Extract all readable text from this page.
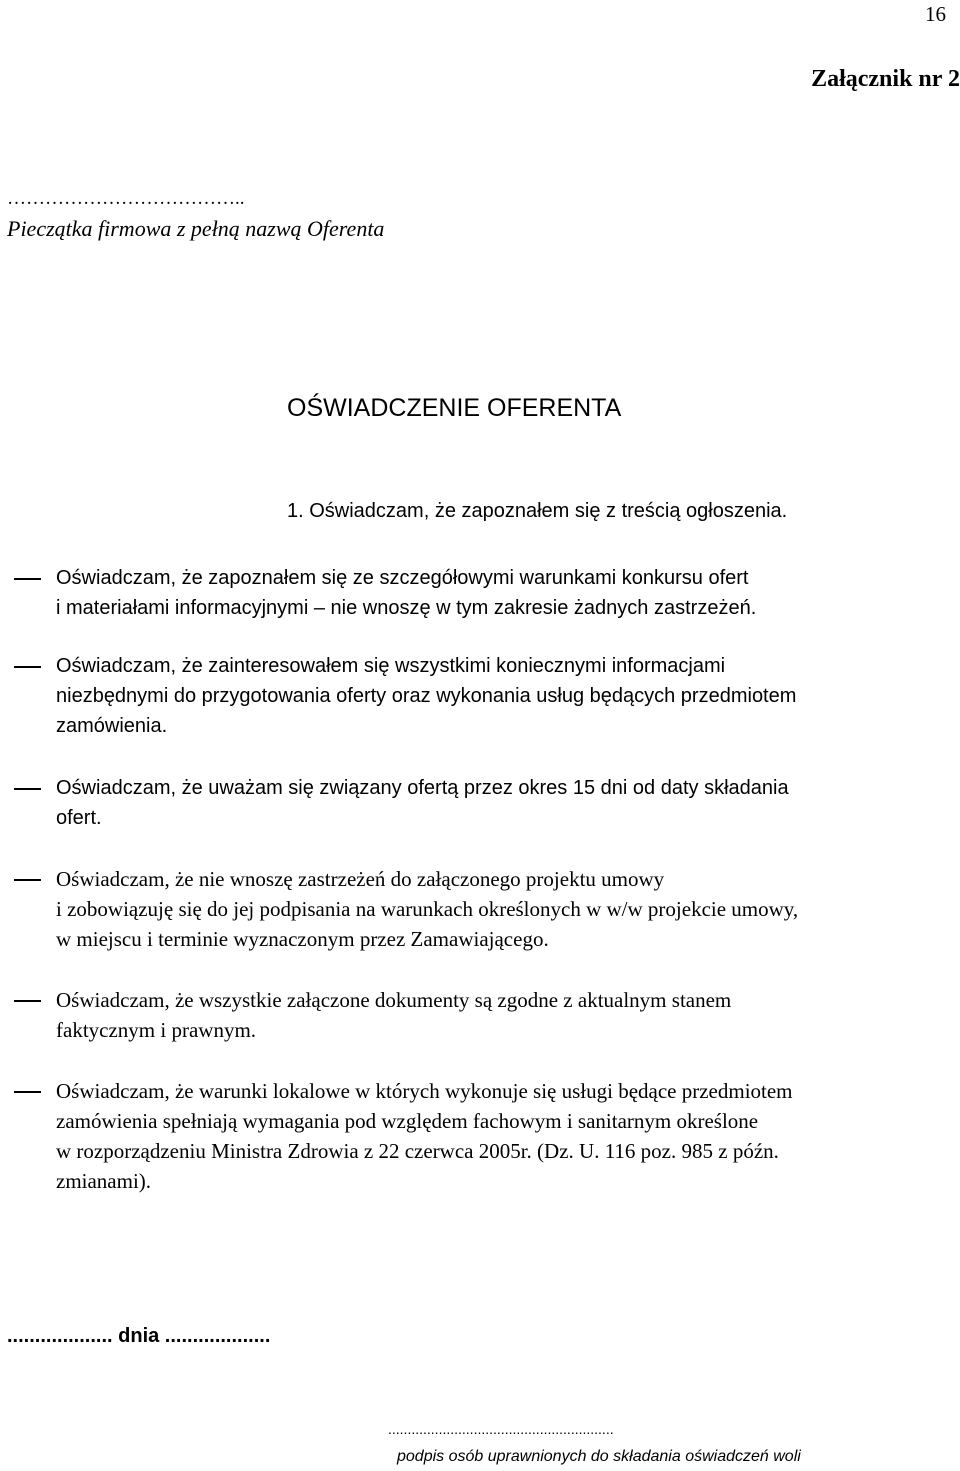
16

Załącznik nr 2

………………………………..

Pieczątka firmowa z pełną nazwą Oferenta

OŚWIADCZENIE OFERENTA

1. Oświadczam, że zapoznałem się z treścią ogłoszenia.

Oświadczam, że zapoznałem się ze szczegółowymi warunkami konkursu ofert
i materiałami informacyjnymi – nie wnoszę w tym zakresie żadnych zastrzeżeń.
Oświadczam, że zainteresowałem się wszystkimi koniecznymi informacjami
niezbędnymi do przygotowania oferty oraz wykonania usług będących przedmiotem
zamówienia.
Oświadczam, że uważam się związany ofertą przez okres 15 dni od daty składania
ofert.
Oświadczam, że nie wnoszę zastrzeżeń do załączonego projektu umowy
i zobowiązuję się do jej podpisania na warunkach określonych w w/w projekcie umowy,
w miejscu i terminie wyznaczonym przez Zamawiającego.
Oświadczam, że wszystkie załączone dokumenty są zgodne z aktualnym stanem
faktycznym i prawnym.
Oświadczam, że warunki lokalowe w których wykonuje się usługi będące przedmiotem
zamówienia spełniają wymagania pod względem fachowym i sanitarnym określone
w rozporządzeniu Ministra Zdrowia z 22 czerwca 2005r. (Dz. U. 116 poz. 985 z późn.
zmianami).

................... dnia ...................

..........................................................

podpis osób uprawnionych do składania oświadczeń woli
